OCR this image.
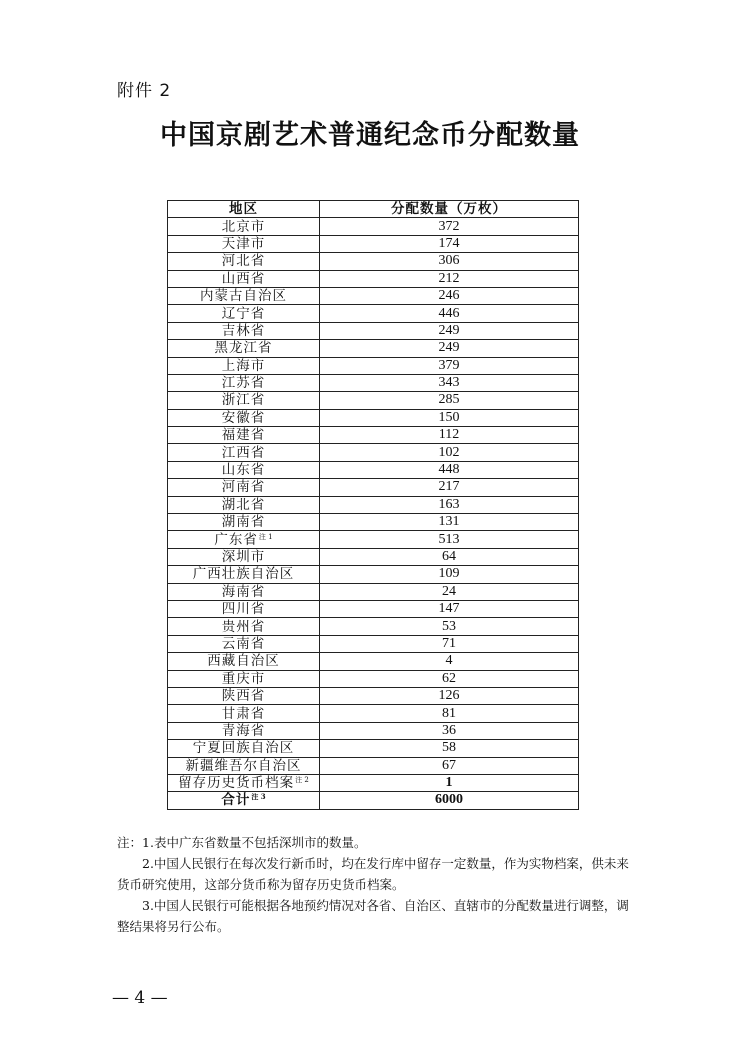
附件 2
中国京剧艺术普通纪念币分配数量
地区	分配数量（万枚）
北京市	372
天津市	174
河北省	306
山西省	212
内蒙古自治区	246
辽宁省	446
吉林省	249
黑龙江省	249
上海市	379
江苏省	343
浙江省	285
安徽省	150
福建省	112
江西省	102
山东省	448
河南省	217
湖北省	163
湖南省	131
广东省$^{注 1}$	513
深圳市	64
广西壮族自治区	109
海南省	24
四川省	147
贵州省	53
云南省	71
西藏自治区	4
重庆市	62
陕西省	126
甘肃省	81
青海省	36
宁夏回族自治区	58
新疆维吾尔自治区	67
留存历史货币档案$^{注 2}$	1
合计$^{注 3}$	6000
注：1.表中广东省数量不包括深圳市的数量。
2.中国人民银行在每次发行新币时，均在发行库中留存一定数量，作为实物档案，供未来货币研究使用，这部分货币称为留存历史货币档案。
3.中国人民银行可能根据各地预约情况对各省、自治区、直辖市的分配数量进行调整，调整结果将另行公布。
— 4 —
